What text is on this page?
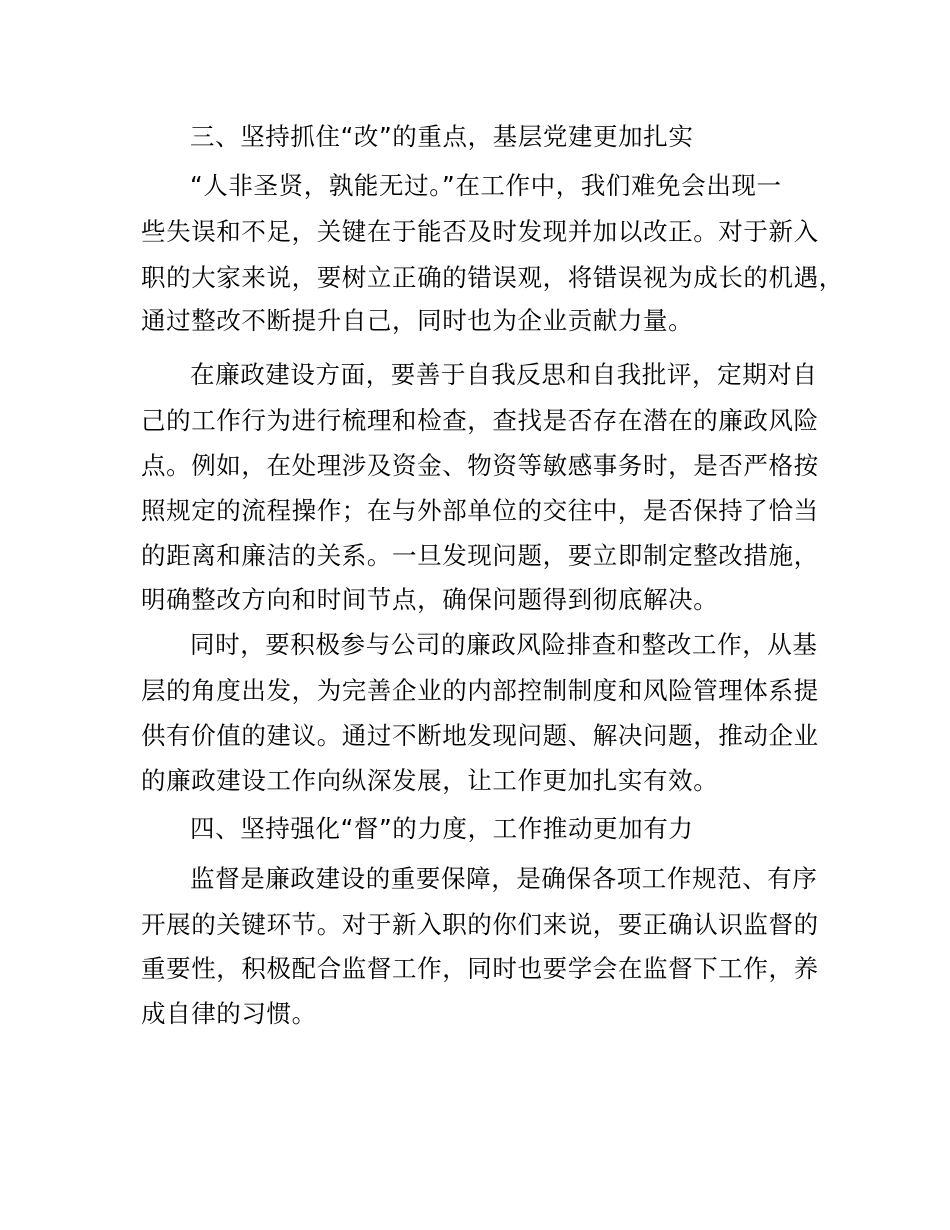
三、坚持抓住“改”的重点，基层党建更加扎实
“人非圣贤，孰能无过。”在工作中，我们难免会出现一
些失误和不足，关键在于能否及时发现并加以改正。对于新入
职的大家来说，要树立正确的错误观，将错误视为成长的机遇，
通过整改不断提升自己，同时也为企业贡献力量。
在廉政建设方面，要善于自我反思和自我批评，定期对自
己的工作行为进行梳理和检查，查找是否存在潜在的廉政风险
点。例如，在处理涉及资金、物资等敏感事务时，是否严格按
照规定的流程操作；在与外部单位的交往中，是否保持了恰当
的距离和廉洁的关系。一旦发现问题，要立即制定整改措施，
明确整改方向和时间节点，确保问题得到彻底解决。
同时，要积极参与公司的廉政风险排查和整改工作，从基
层的角度出发，为完善企业的内部控制制度和风险管理体系提
供有价值的建议。通过不断地发现问题、解决问题，推动企业
的廉政建设工作向纵深发展，让工作更加扎实有效。
四、坚持强化“督”的力度，工作推动更加有力
监督是廉政建设的重要保障，是确保各项工作规范、有序
开展的关键环节。对于新入职的你们来说，要正确认识监督的
重要性，积极配合监督工作，同时也要学会在监督下工作，养
成自律的习惯。
